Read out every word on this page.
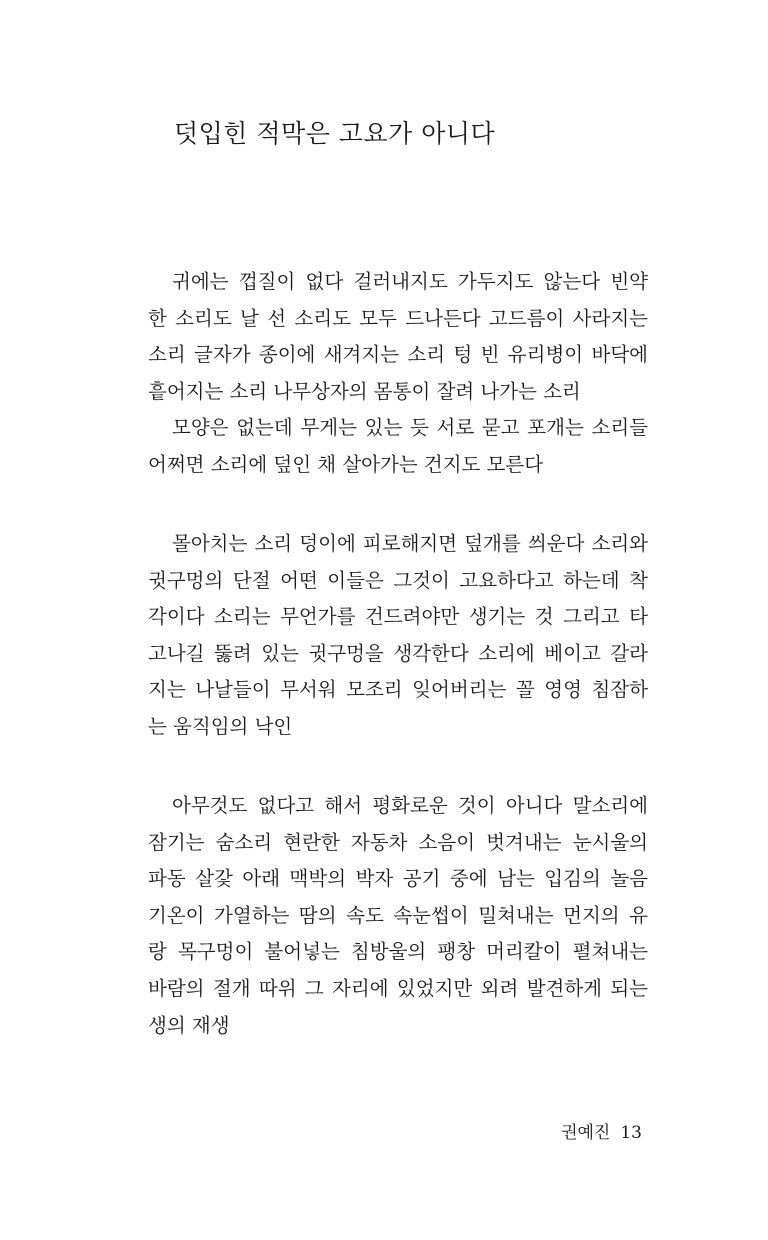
덧입힌 적막은 고요가 아니다

귀에는 껍질이 없다 걸러내지도 가두지도 않는다 빈약
한 소리도 날 선 소리도 모두 드나든다 고드름이 사라지는
소리 글자가 종이에 새겨지는 소리 텅 빈 유리병이 바닥에
흩어지는 소리 나무상자의 몸통이 잘려 나가는 소리
모양은 없는데 무게는 있는 듯 서로 묻고 포개는 소리들
어쩌면 소리에 덮인 채 살아가는 건지도 모른다

몰아치는 소리 덩이에 피로해지면 덮개를 씌운다 소리와
귓구멍의 단절 어떤 이들은 그것이 고요하다고 하는데 착
각이다 소리는 무언가를 건드려야만 생기는 것 그리고 타
고나길 뚫려 있는 귓구멍을 생각한다 소리에 베이고 갈라
지는 나날들이 무서워 모조리 잊어버리는 꼴 영영 침잠하
는 움직임의 낙인

아무것도 없다고 해서 평화로운 것이 아니다 말소리에
잠기는 숨소리 현란한 자동차 소음이 벗겨내는 눈시울의
파동 살갗 아래 맥박의 박자 공기 중에 남는 입김의 놀음
기온이 가열하는 땀의 속도 속눈썹이 밀쳐내는 먼지의 유
랑 목구멍이 불어넣는 침방울의 팽창 머리칼이 펼쳐내는
바람의 절개 따위 그 자리에 있었지만 외려 발견하게 되는
생의 재생

권예진 13
